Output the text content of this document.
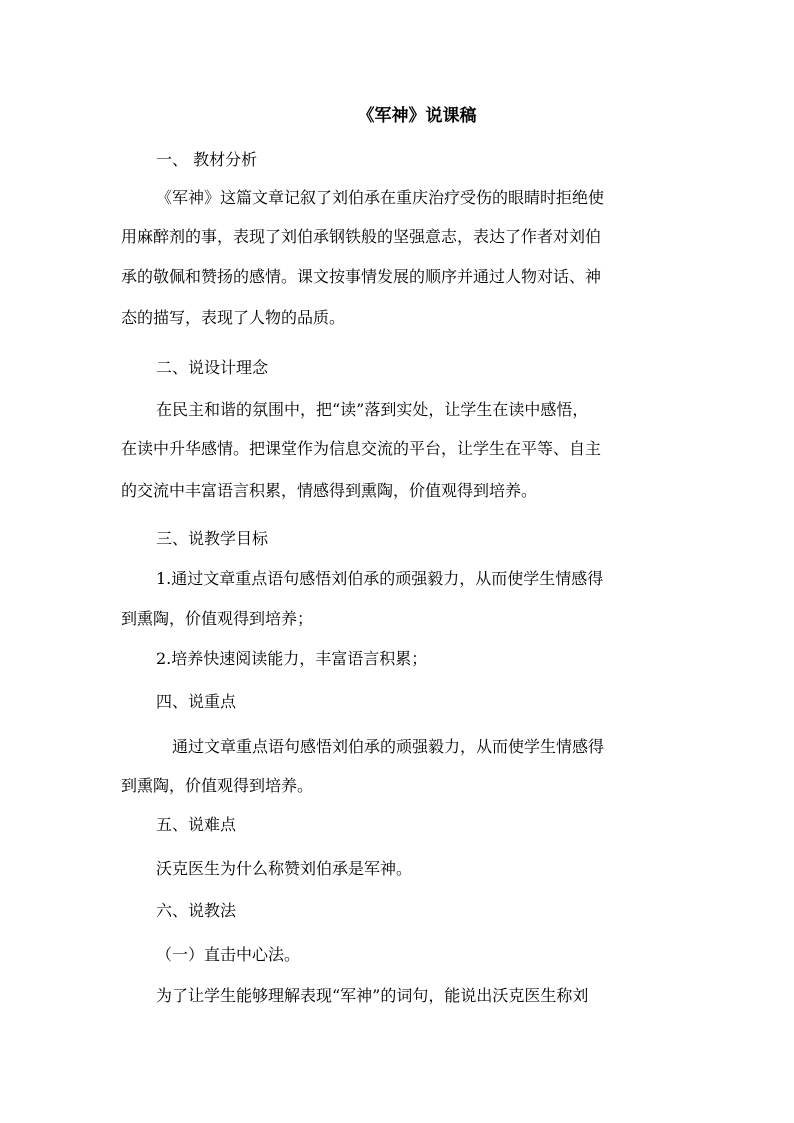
《军神》说课稿
一、 教材分析
《军神》这篇文章记叙了刘伯承在重庆治疗受伤的眼睛时拒绝使
用麻醉剂的事，表现了刘伯承钢铁般的坚强意志，表达了作者对刘伯
承的敬佩和赞扬的感情。课文按事情发展的顺序并通过人物对话、神
态的描写，表现了人物的品质。
二、说设计理念
在民主和谐的氛围中，把“读”落到实处，让学生在读中感悟，
在读中升华感情。把课堂作为信息交流的平台，让学生在平等、自主
的交流中丰富语言积累，情感得到熏陶，价值观得到培养。
三、说教学目标
1.通过文章重点语句感悟刘伯承的顽强毅力，从而使学生情感得
到熏陶，价值观得到培养；
2.培养快速阅读能力，丰富语言积累；
四、说重点
通过文章重点语句感悟刘伯承的顽强毅力，从而使学生情感得
到熏陶，价值观得到培养。
五、说难点
沃克医生为什么称赞刘伯承是军神。
六、说教法
（一）直击中心法。
为了让学生能够理解表现“军神”的词句，能说出沃克医生称刘
